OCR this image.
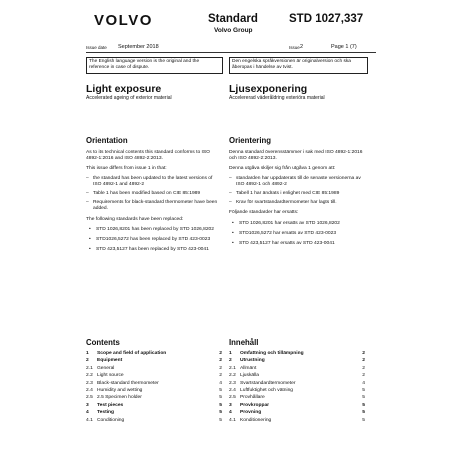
VOLVO	Standard
Volvo Group
STD 1027,337
Issue date September 2018	Issue 2	Page 1 (7)
The English language version is the original and the reference in case of dispute.
Den engelska språkversionen är originalversion och ska åberopas i händelse av tvist.
Light exposure
Accelerated ageing of exterior material
Orientation
As to its technical contents this standard conforms to ISO 4892-1:2016 and ISO 4892-2:2013.
This issue differs from issue 1 in that:
– the standard has been updated to the latest versions of ISO 4892-1 and 4892-2
– Table 1 has been modified based on CIE 85:1989
– Requirements for black-standard thermometer have been added.
The following standards have been replaced:
• STD 1026,8201 has been replaced by STD 1026,8202
• STD1026,5272 has been replaced by STD 423-0023
• STD 423,5127 has been replaced by STD 423-0041
Contents
1	Scope and field of application	2
2	Equipment	2
2.1 General	2
2.2 Light source	2
2.3 Black-standard thermometer	4
2.4 Humidity and wetting	5
2.5 2.5 Specimen holder	5
3	Test pieces	5
4	Testing	5
4.1 Conditioning	5
Ljusexponering
Accelererad väderåldring exteriöra material
Orientering
Denna standard överensstämmer i sak med ISO 4892-1:2016 och ISO 4892-2:2013.
Denna utgåva skiljer sig från utgåva 1 genom att:
– standarden har uppdaterats till de senaste versionerna av ISO 4892-1 och 4892-2
– Tabell 1 har ändrats i enlighet med CIE 85:1989
– Krav för svartstandardtermometer har lagts till.
Följande standarder har ersatts:
• STD 1026,8201 har ersatts av STD 1026,8202
• STD1026,5272 har ersatts av STD 423-0023
• STD 423,5127 har ersatts av STD 423-0041
Innehåll
1	Omfattning och tillämpning	2
2	Utrustning	2
2.1 Allmänt	2
2.2 Ljuskälla	2
2.3 Svartstandardtermometer	4
2.4 Luftfuktighet och vätning	5
2.5 Provhållare	5
3	Provkroppar	5
4	Provning	5
4.1 Konditionering	5
